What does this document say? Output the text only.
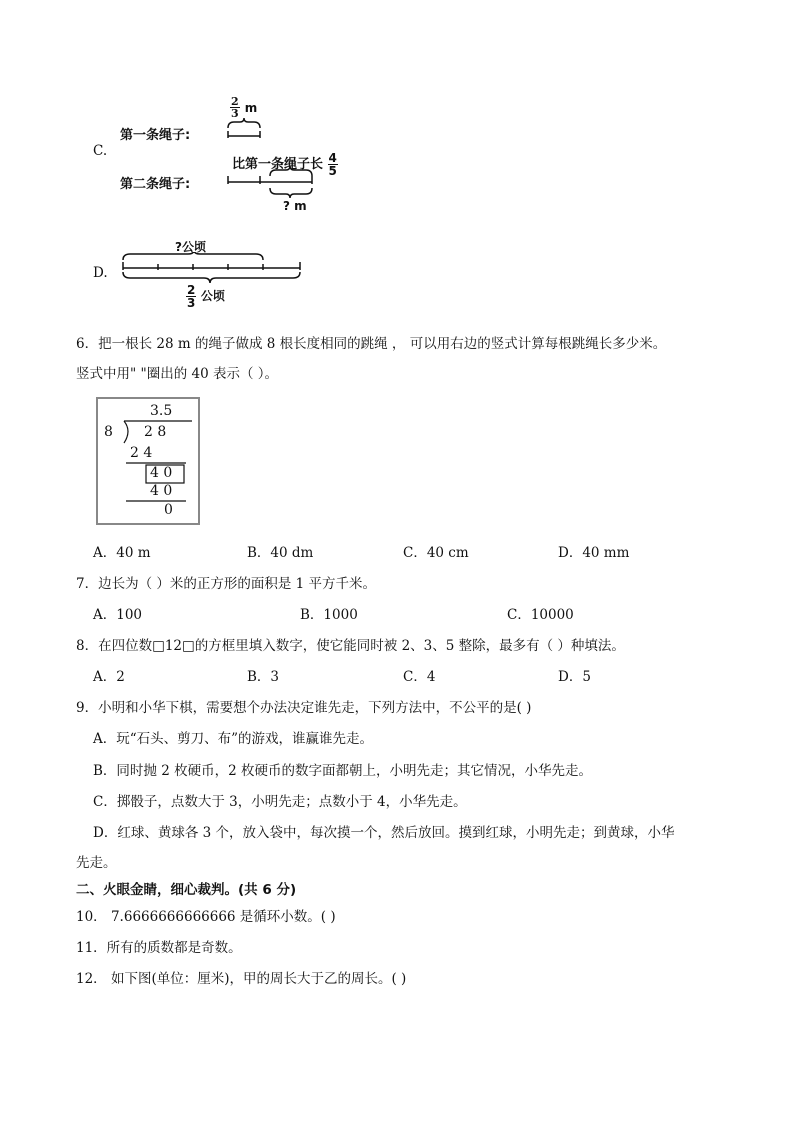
C.
第一条绳子:
$\frac{2}{3}$ m
比第一条绳子长 $\frac{4}{5}$
第二条绳子:
? m
D.
?公顷
$\frac{2}{3}$ 公顷
6．把一根长 28 m 的绳子做成 8 根长度相同的跳绳 ， 可以用右边的竖式计算每根跳绳长多少米。
竖式中用" "圈出的 40 表示（ ）。
3.5
8 2 8
2 4
4 0
4 0
0
A．40 m	B．40 dm	C．40 cm	D．40 mm
7．边长为（ ）米的正方形的面积是 1 平方千米。
A．100	B．1000	C．10000
8．在四位数□12□的方框里填入数字，使它能同时被 2、3、5 整除，最多有（ ）种填法。
A．2	B．3	C．4	D．5
9．小明和小华下棋，需要想个办法决定谁先走，下列方法中，不公平的是( )
A．玩“石头、剪刀、布”的游戏，谁赢谁先走。
B．同时抛 2 枚硬币，2 枚硬币的数字面都朝上，小明先走；其它情况，小华先走。
C．掷骰子，点数大于 3，小明先走；点数小于 4，小华先走。
D．红球、黄球各 3 个，放入袋中，每次摸一个，然后放回。摸到红球，小明先走；到黄球，小华
先走。
二、火眼金睛，细心裁判。(共 6 分)
10． 7.6666666666666 是循环小数。( )
11．所有的质数都是奇数。
12． 如下图(单位：厘米)，甲的周长大于乙的周长。( )
